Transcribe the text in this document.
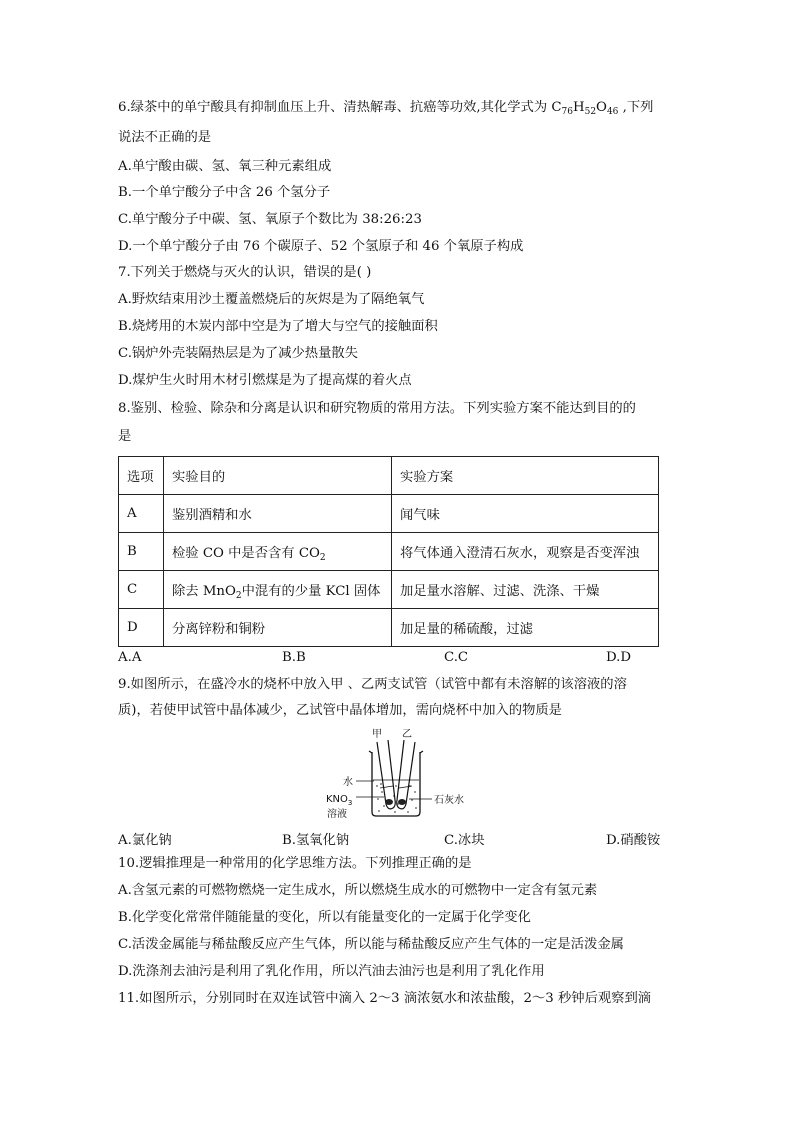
6.绿茶中的单宁酸具有抑制血压上升、清热解毒、抗癌等功效,其化学式为 $C_{76}H_{52}O_{46}$ ,下列
说法不正确的是
A.单宁酸由碳、氢、氧三种元素组成
B.一个单宁酸分子中含 26 个氢分子
C.单宁酸分子中碳、氢、氧原子个数比为 38:26:23
D.一个单宁酸分子由 76 个碳原子、52 个氢原子和 46 个氧原子构成
7.下列关于燃烧与灭火的认识，错误的是( )
A.野炊结束用沙土覆盖燃烧后的灰烬是为了隔绝氧气
B.烧烤用的木炭内部中空是为了增大与空气的接触面积
C.锅炉外壳装隔热层是为了减少热量散失
D.煤炉生火时用木材引燃煤是为了提高煤的着火点
8.鉴别、检验、除杂和分离是认识和研究物质的常用方法。下列实验方案不能达到目的的
是
选项	实验目的	实验方案
A	鉴别酒精和水	闻气味
B	检验 CO 中是否含有 $CO_2$	将气体通入澄清石灰水，观察是否变浑浊
C	除去 MnO$_2$中混有的少量 KCl 固体	加足量水溶解、过滤、洗涤、干燥
D	分离锌粉和铜粉	加足量的稀硫酸，过滤
A.A	B.B	C.C	D.D
9.如图所示，在盛冷水的烧杯中放入甲 、乙两支试管（试管中都有未溶解的该溶液的溶
质)，若使甲试管中晶体减少，乙试管中晶体增加，需向烧杯中加入的物质是
甲 乙
水
$KNO_3$
溶液
石灰水
A.氯化钠	B.氢氧化钠	C.冰块	D.硝酸铵
10.逻辑推理是一种常用的化学思维方法。下列推理正确的是
A.含氢元素的可燃物燃烧一定生成水，所以燃烧生成水的可燃物中一定含有氢元素
B.化学变化常常伴随能量的变化，所以有能量变化的一定属于化学变化
C.活泼金属能与稀盐酸反应产生气体，所以能与稀盐酸反应产生气体的一定是活泼金属
D.洗涤剂去油污是利用了乳化作用，所以汽油去油污也是利用了乳化作用
11.如图所示，分别同时在双连试管中滴入 2～3 滴浓氨水和浓盐酸，2～3 秒钟后观察到滴
